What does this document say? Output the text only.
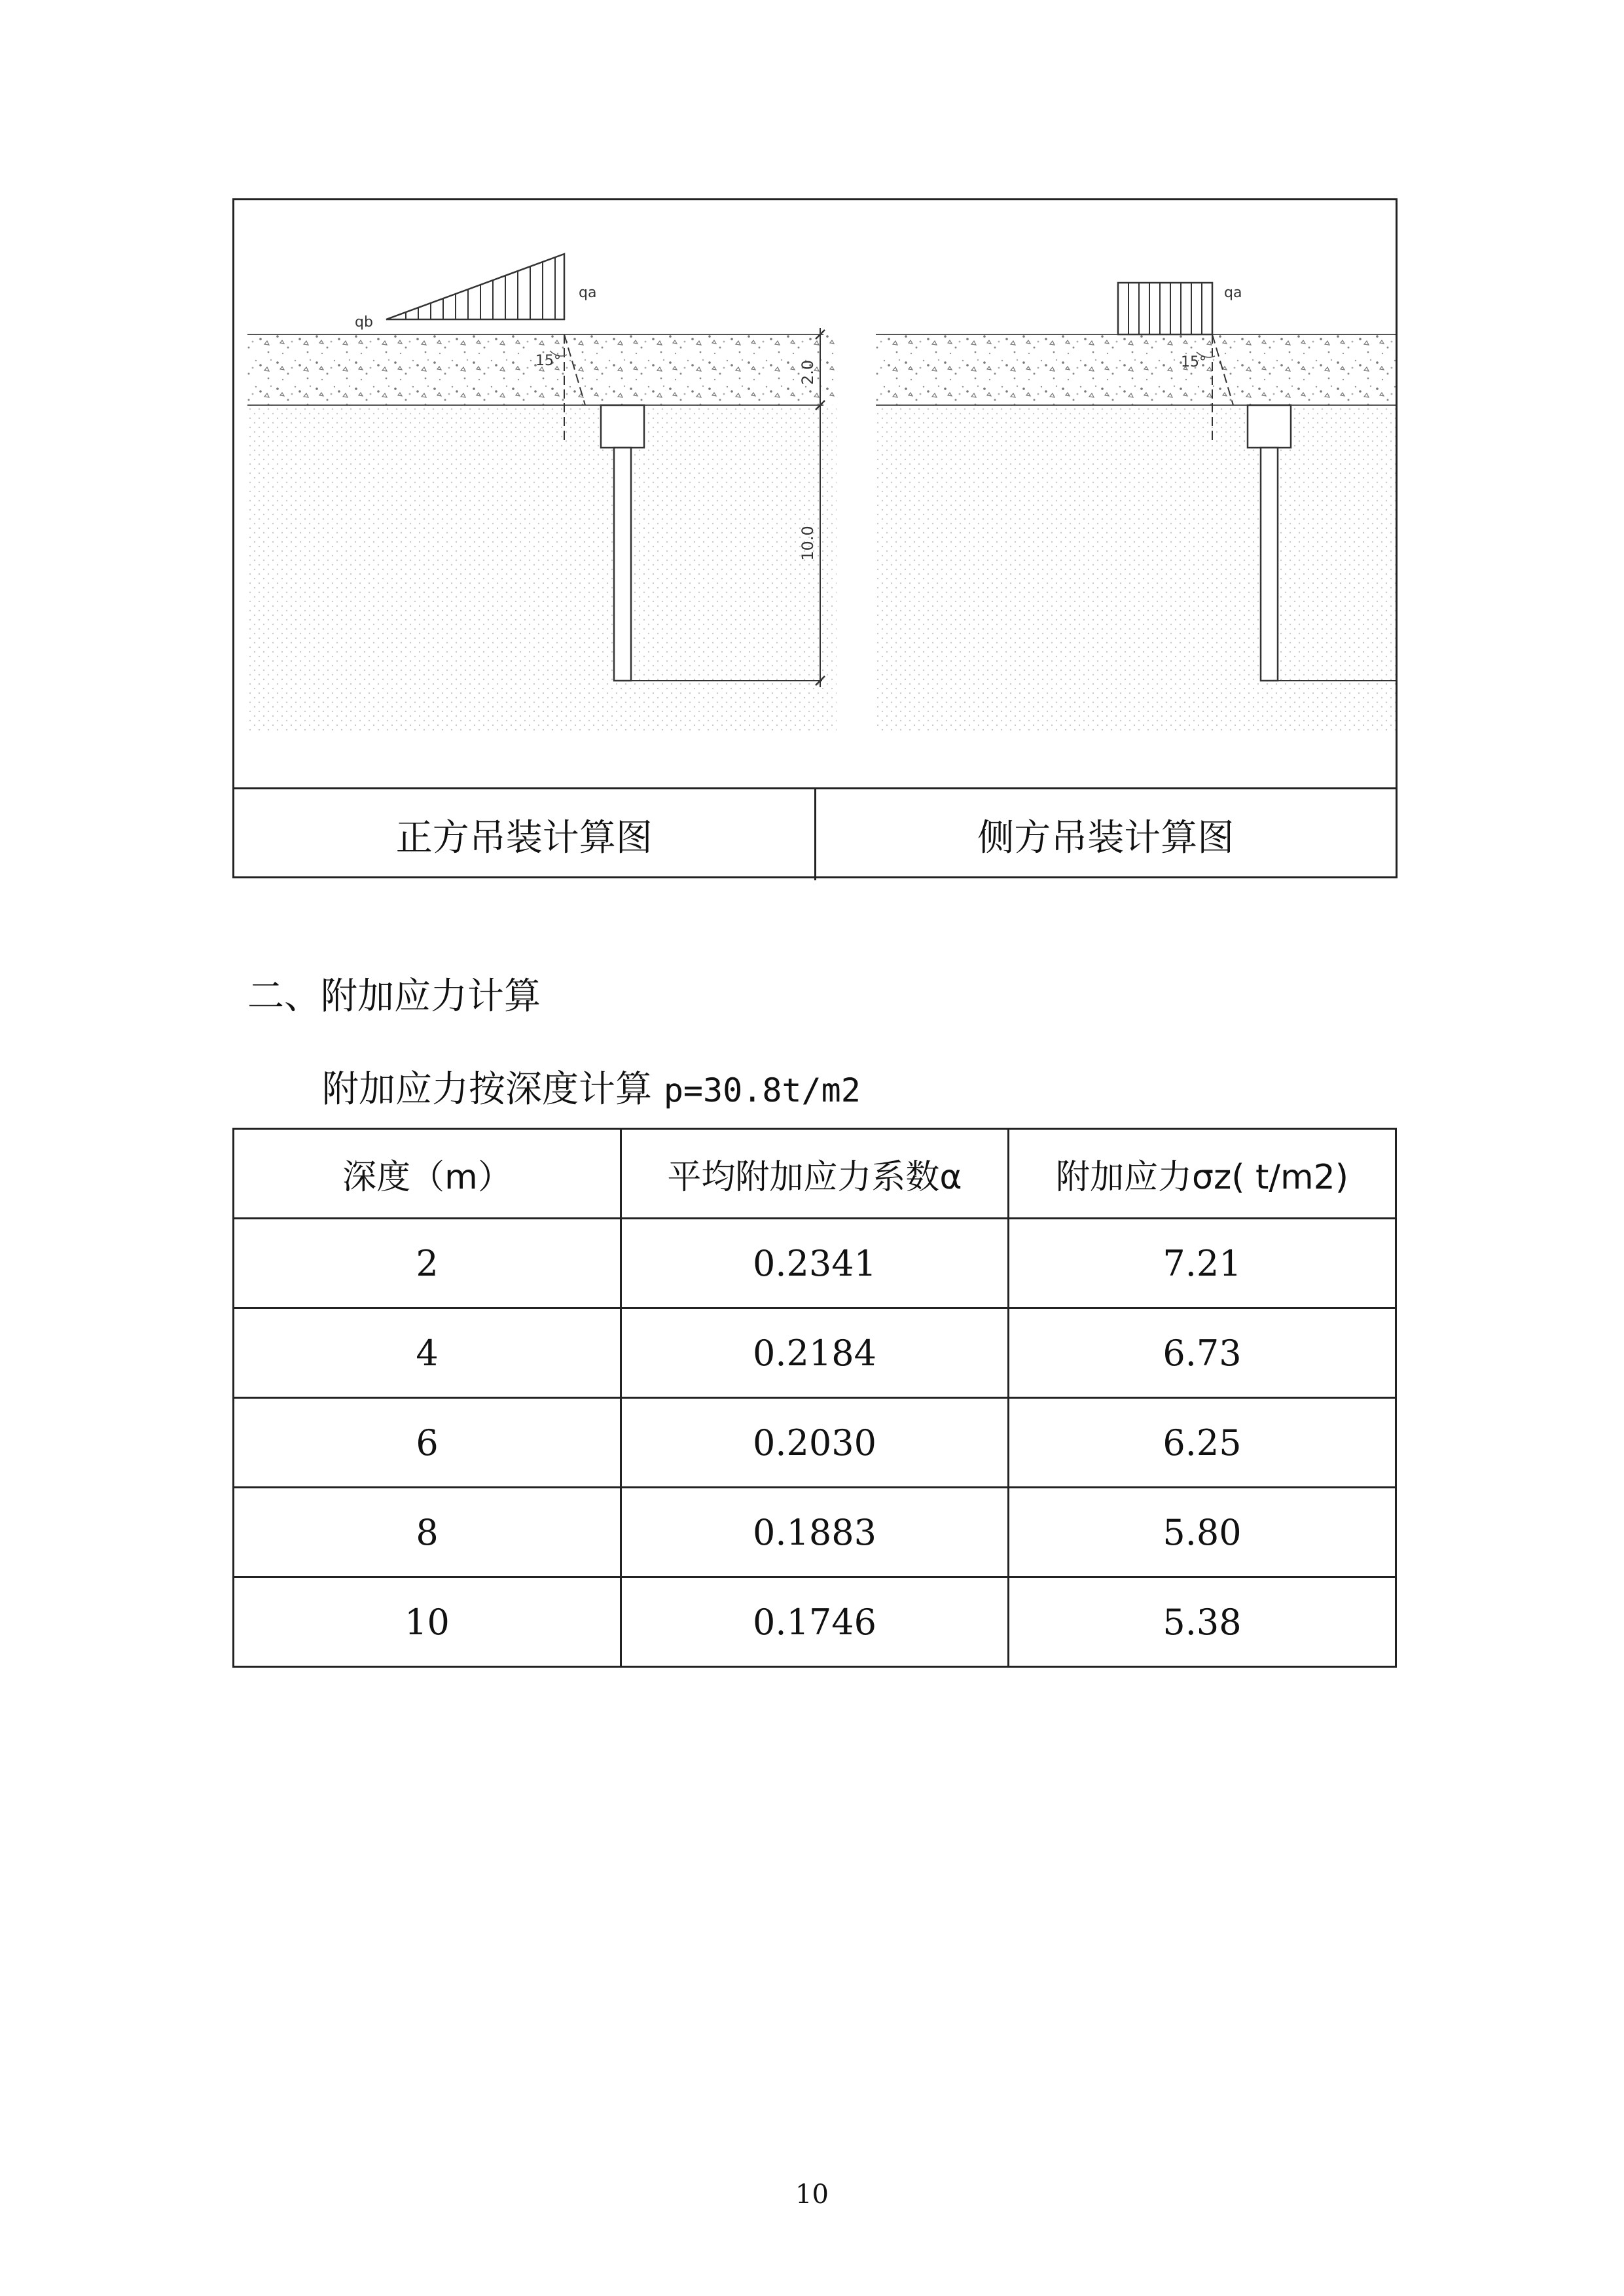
qa
qb
15°	2.0
10.0
qa
15°
正方吊装计算图	侧方吊装计算图
二、附加应力计算
附加应力按深度计算 p=30.8t/m2
深度（m）	平均附加应力系数α	附加应力σz( t/m2)
2	0.2341	7.21
4	0.2184	6.73
6	0.2030	6.25
8	0.1883	5.80
10	0.1746	5.38
10
